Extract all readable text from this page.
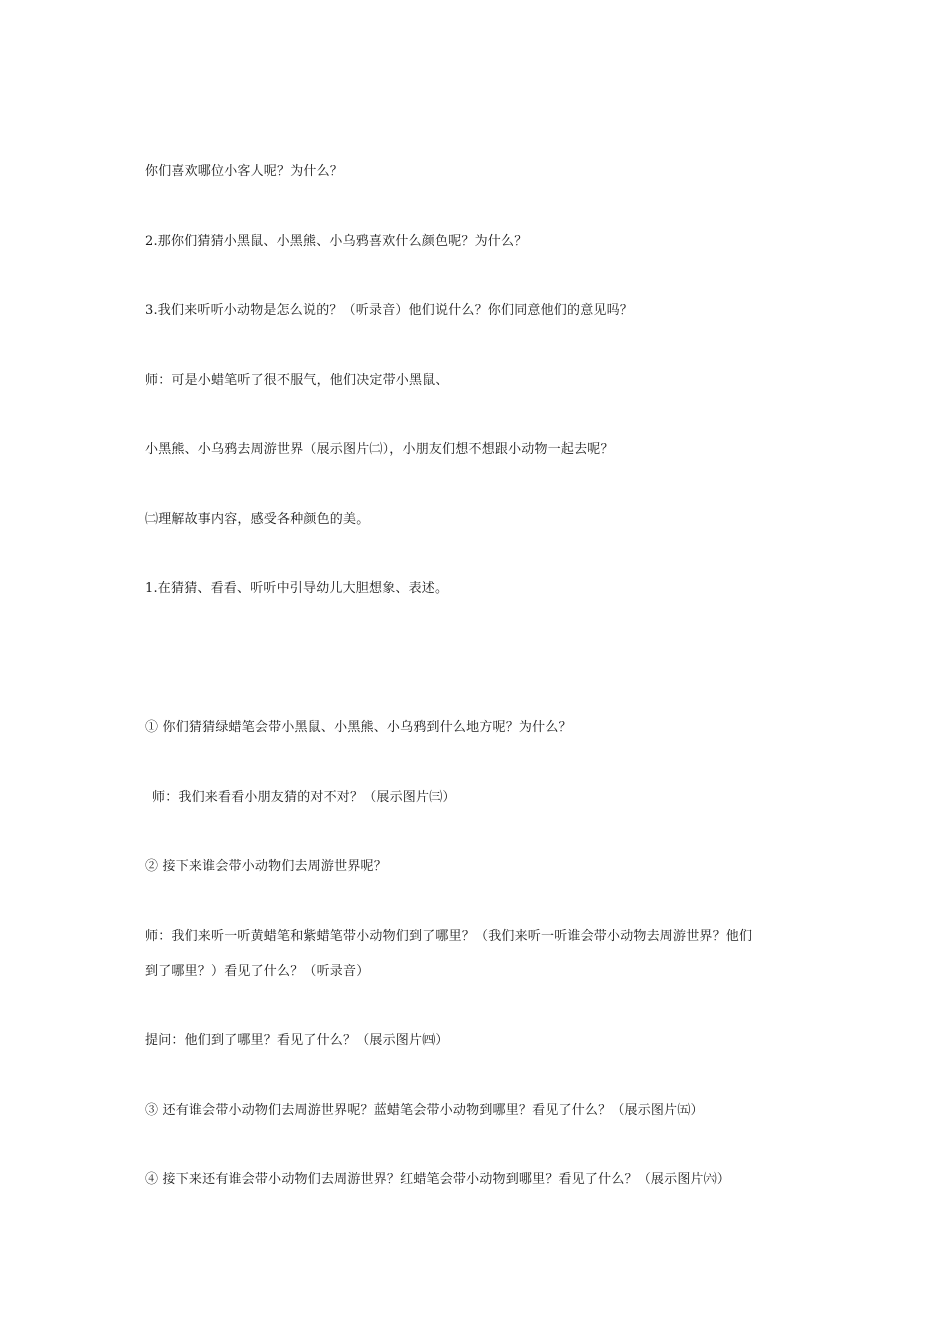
你们喜欢哪位小客人呢？为什么？
2.那你们猜猜小黑鼠、小黑熊、小乌鸦喜欢什么颜色呢？为什么？
3.我们来听听小动物是怎么说的？（听录音）他们说什么？你们同意他们的意见吗？
师：可是小蜡笔听了很不服气，他们决定带小黑鼠、
小黑熊、小乌鸦去周游世界（展示图片㈡），小朋友们想不想跟小动物一起去呢？
㈡理解故事内容，感受各种颜色的美。
1.在猜猜、看看、听听中引导幼儿大胆想象、表述。
① 你们猜猜绿蜡笔会带小黑鼠、小黑熊、小乌鸦到什么地方呢？为什么？
师：我们来看看小朋友猜的对不对？（展示图片㈢）
② 接下来谁会带小动物们去周游世界呢？
师：我们来听一听黄蜡笔和紫蜡笔带小动物们到了哪里？（我们来听一听谁会带小动物去周游世界？他们
到了哪里？）看见了什么？（听录音）
提问：他们到了哪里？看见了什么？（展示图片㈣）
③ 还有谁会带小动物们去周游世界呢？蓝蜡笔会带小动物到哪里？看见了什么？（展示图片㈤）
④ 接下来还有谁会带小动物们去周游世界？红蜡笔会带小动物到哪里？看见了什么？（展示图片㈥）
